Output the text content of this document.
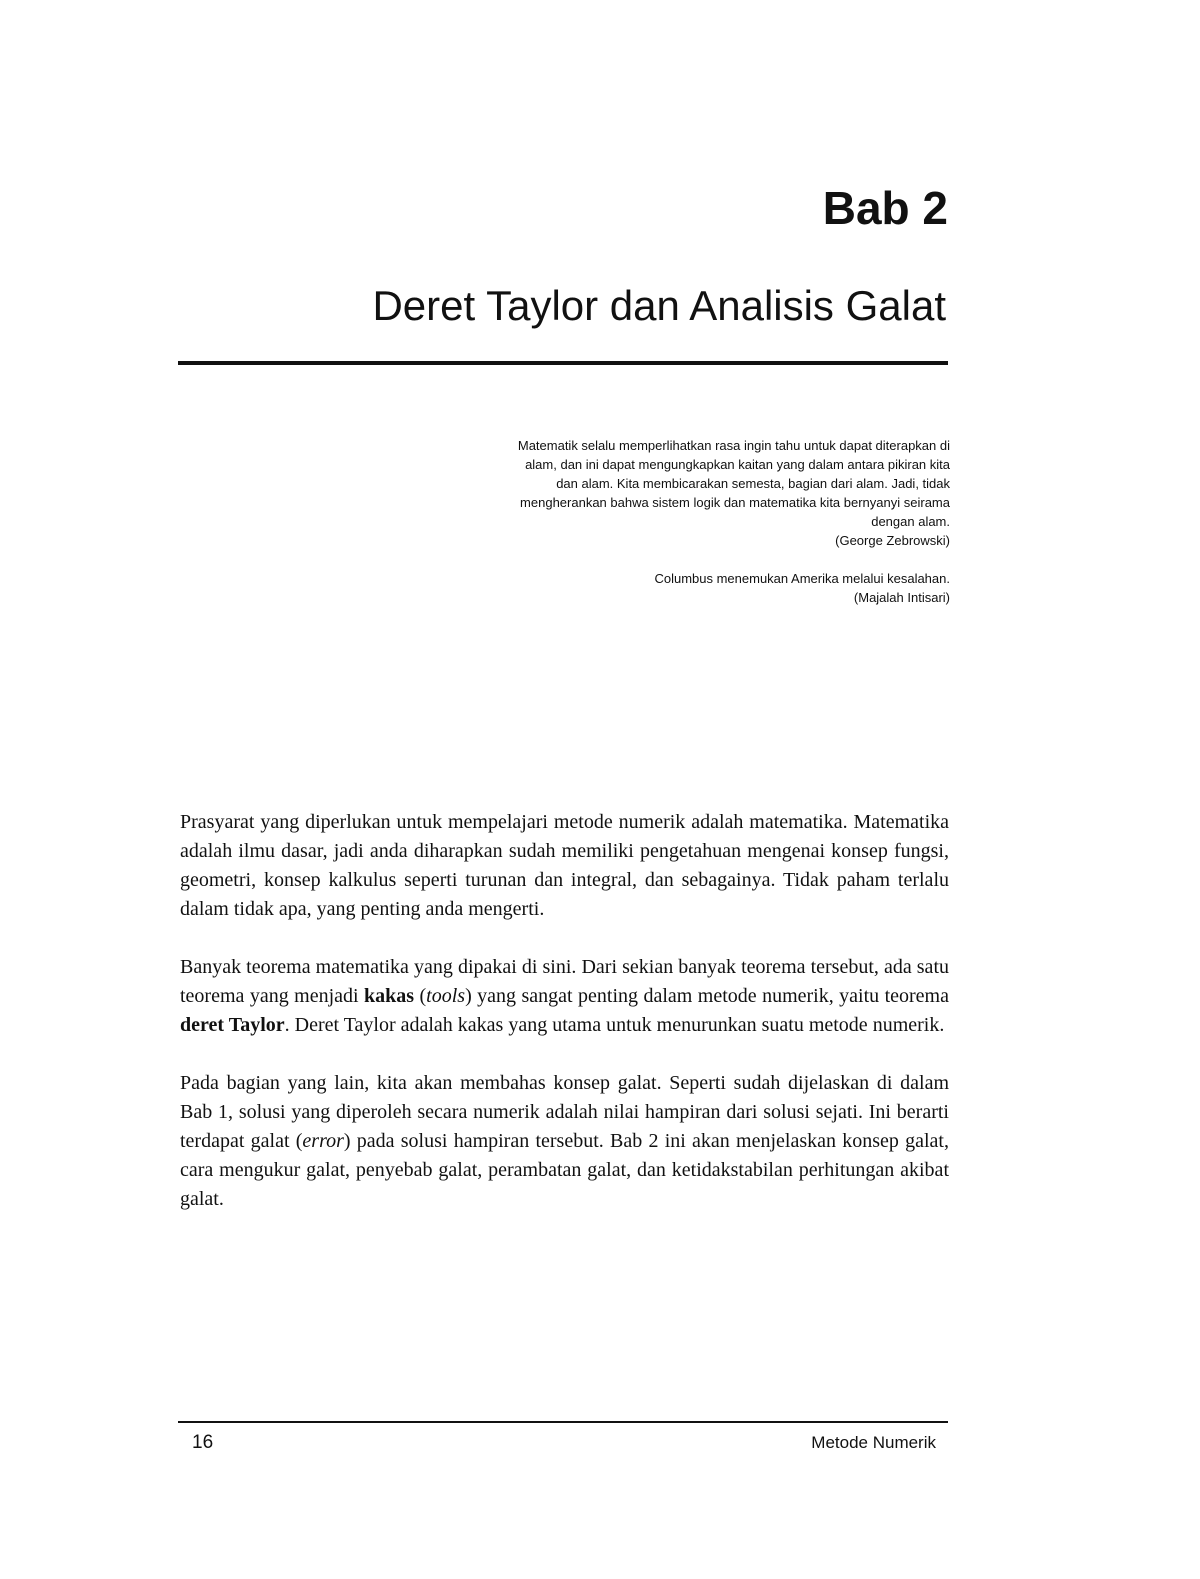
Bab 2
Deret Taylor dan Analisis Galat
Matematik selalu memperlihatkan rasa ingin tahu untuk dapat diterapkan di
alam, dan ini dapat mengungkapkan kaitan yang dalam antara pikiran kita
dan alam. Kita membicarakan semesta, bagian dari alam. Jadi, tidak
mengherankan bahwa sistem logik dan matematika kita bernyanyi seirama
dengan alam.
(George Zebrowski)
Columbus menemukan Amerika melalui kesalahan.
(Majalah Intisari)

Prasyarat yang diperlukan untuk mempelajari metode numerik adalah matematika. Matematika adalah ilmu dasar, jadi anda diharapkan sudah memiliki pengetahuan mengenai konsep fungsi, geometri, konsep kalkulus seperti turunan dan integral, dan sebagainya. Tidak paham terlalu dalam tidak apa, yang penting anda mengerti.

Banyak teorema matematika yang dipakai di sini. Dari sekian banyak teorema tersebut, ada satu teorema yang menjadi kakas (tools) yang sangat penting dalam metode numerik, yaitu teorema deret Taylor. Deret Taylor adalah kakas yang utama untuk menurunkan suatu metode numerik.

Pada bagian yang lain, kita akan membahas konsep galat. Seperti sudah dijelaskan di dalam Bab 1, solusi yang diperoleh secara numerik adalah nilai hampiran dari solusi sejati. Ini berarti terdapat galat (error) pada solusi hampiran tersebut. Bab 2 ini akan menjelaskan konsep galat, cara mengukur galat, penyebab galat, perambatan galat, dan ketidakstabilan perhitungan akibat galat.

16	Metode Numerik
